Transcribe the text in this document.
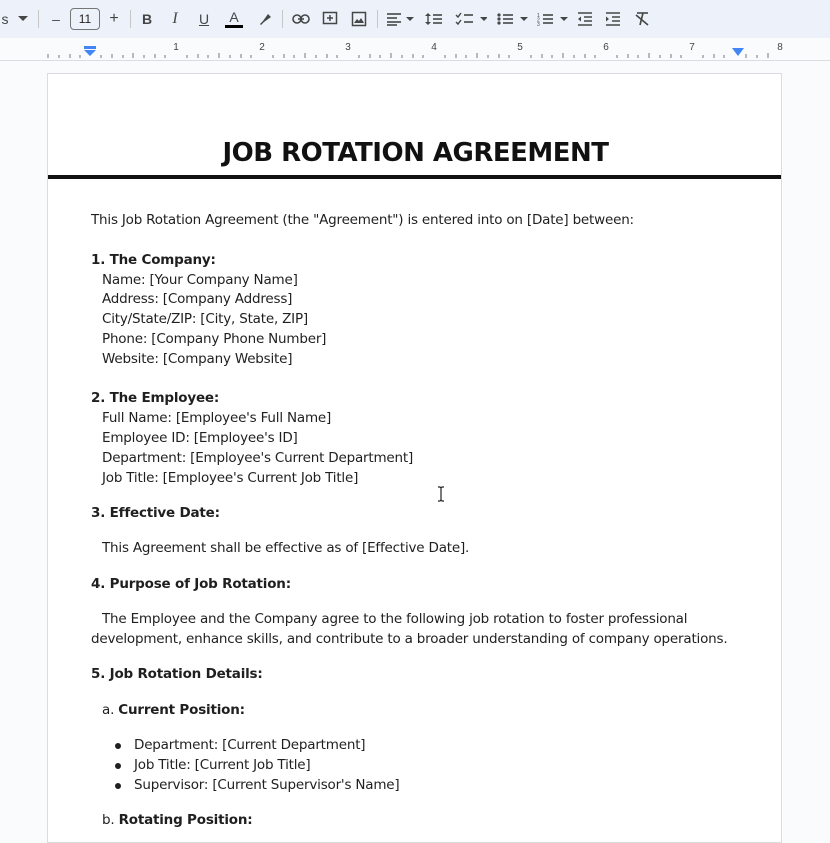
s	– 11 + B I U A	1
2
3
1	2	3	4	5	6	7	8
JOB ROTATION AGREEMENT
This Job Rotation Agreement (the "Agreement") is entered into on [Date] between:
1. The Company:
Name: [Your Company Name]
Address: [Company Address]
City/State/ZIP: [City, State, ZIP]
Phone: [Company Phone Number]
Website: [Company Website]
2. The Employee:
Full Name: [Employee's Full Name]
Employee ID: [Employee's ID]
Department: [Employee's Current Department]
Job Title: [Employee's Current Job Title]
3. Effective Date:
This Agreement shall be effective as of [Effective Date].
4. Purpose of Job Rotation:
The Employee and the Company agree to the following job rotation to foster professional
development, enhance skills, and contribute to a broader understanding of company operations.
5. Job Rotation Details:
a. Current Position:
Department: [Current Department]
Job Title: [Current Job Title]
Supervisor: [Current Supervisor's Name]
b. Rotating Position:
